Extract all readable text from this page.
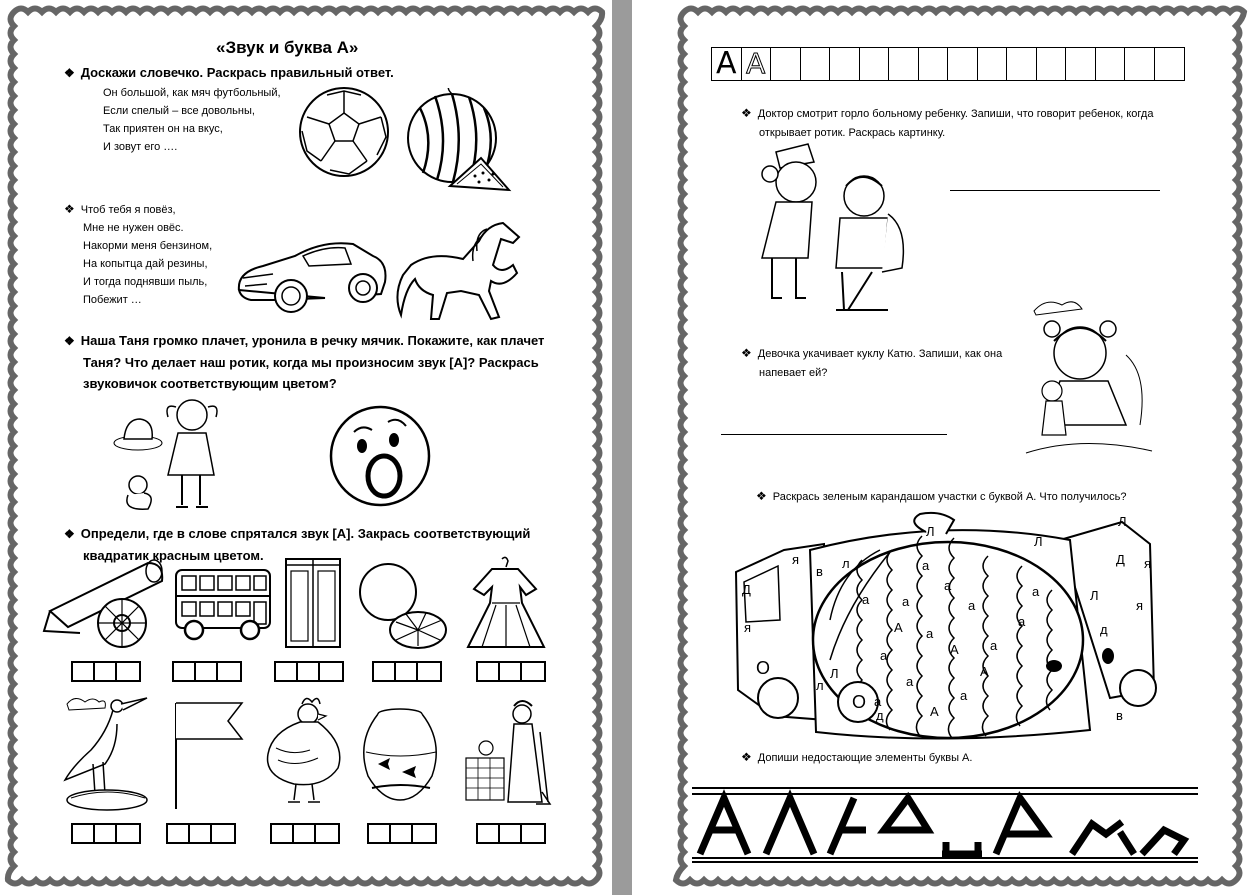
«Звук и буква А»
❖ Доскажи словечко. Раскрась правильный ответ.
Он большой, как мяч футбольный,
Если спелый – все довольны,
Так приятен он на вкус,
И зовут его ….
❖ Чтоб тебя я повёз,
Мне не нужен овёс.
Накорми меня бензином,
На копытца дай резины,
И тогда поднявши пыль,
Побежит …
❖ Наша Таня громко плачет, уронила в речку мячик. Покажите, как плачет
Таня? Что делает наш ротик, когда мы произносим звук [А]? Раскрась
звуковичок соответствующим цветом?
❖ Определи, где в слове спрятался звук [А]. Закрась соответствующий
квадратик красным цветом.
А А
❖ Доктор смотрит горло больному ребенку. Запиши, что говорит ребенок, когда
открывает ротик. Раскрась картинку.
❖ Девочка укачивает куклу Катю. Запиши, как она
напевает ей?
❖ Раскрась зеленым карандашом участки с буквой А. Что получилось?
а
а
а	а
а
а
а
а
а
а
а
а
а
А
А
А
А
Л
Л
л
Л
Л
л
Л
я
я
я
я
Д
Д
д
д
в
в
О
О
❖ Допиши недостающие элементы буквы А.
